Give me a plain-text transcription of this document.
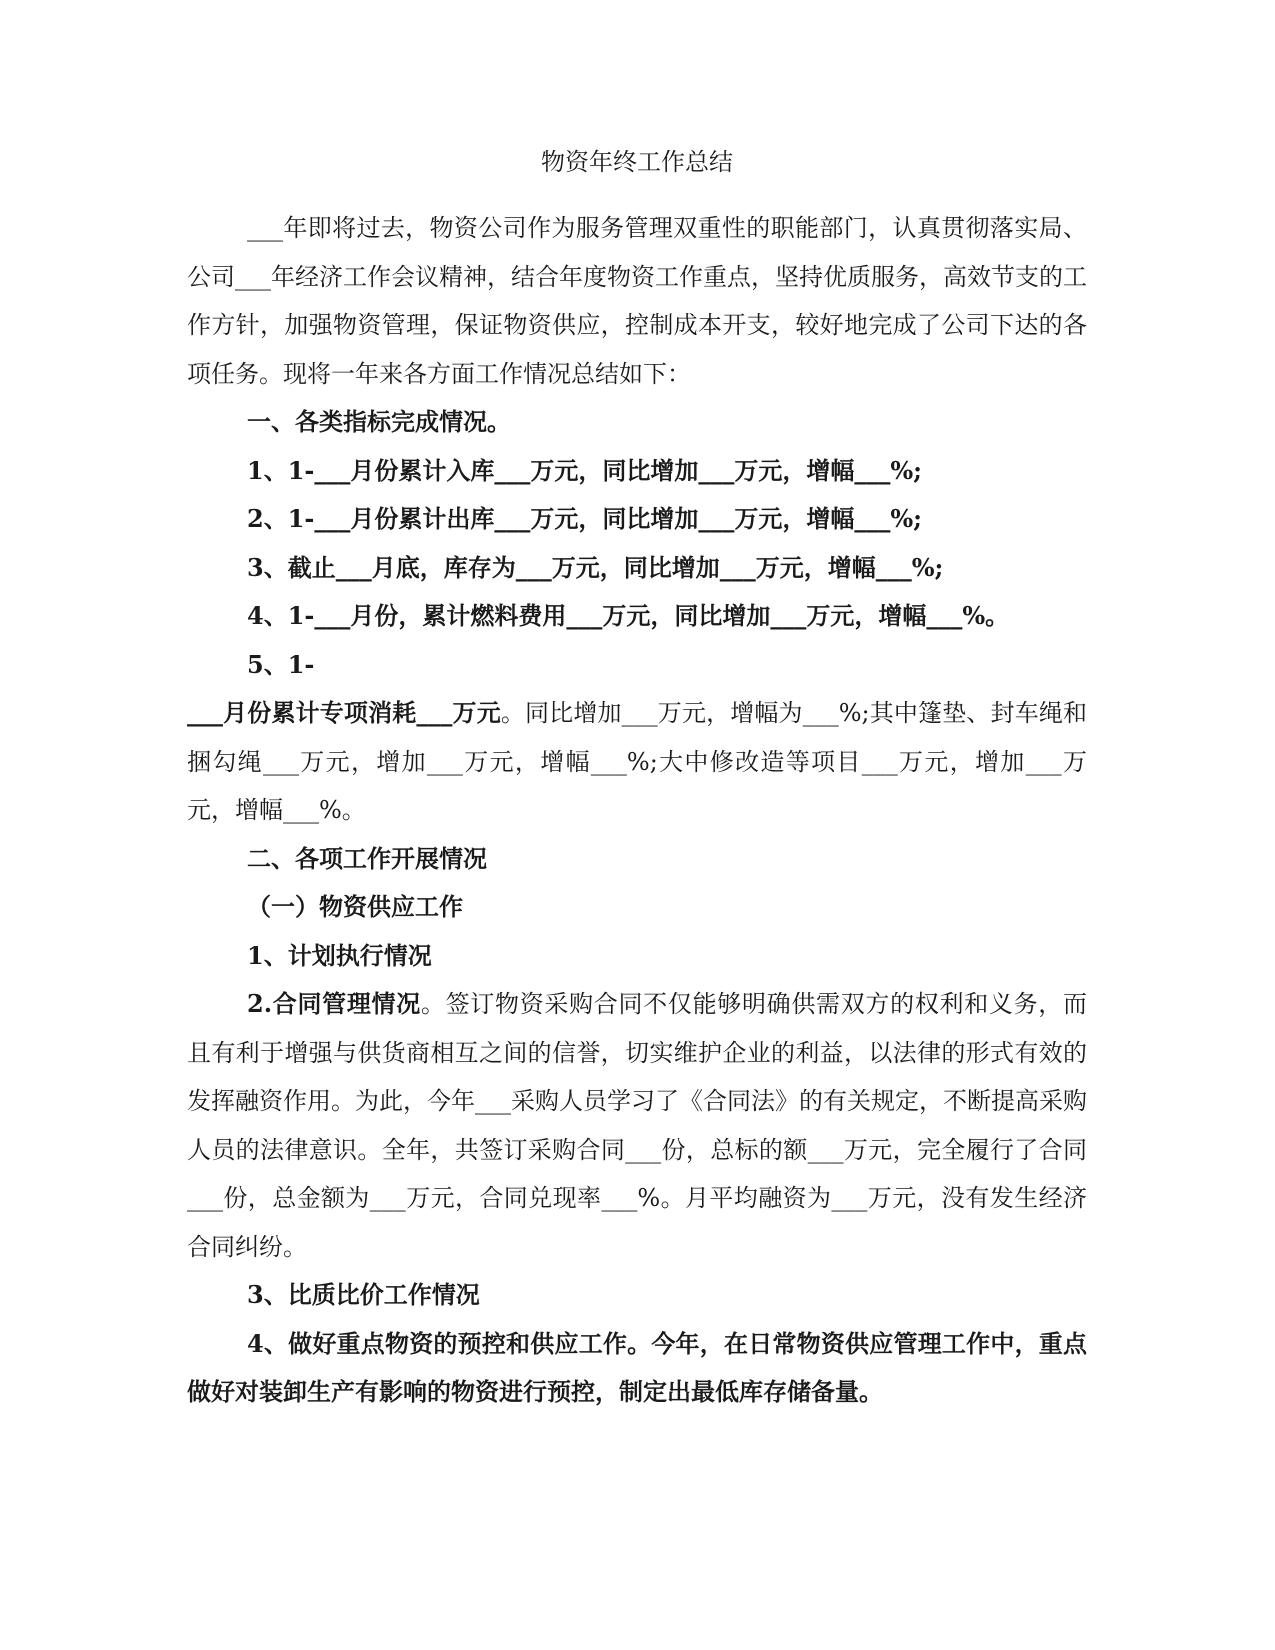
物资年终工作总结

___年即将过去，物资公司作为服务管理双重性的职能部门，认真贯彻落实局、公司___年经济工作会议精神，结合年度物资工作重点，坚持优质服务，高效节支的工作方针，加强物资管理，保证物资供应，控制成本开支，较好地完成了公司下达的各项任务。现将一年来各方面工作情况总结如下：

一、各类指标完成情况。

1、1-___月份累计入库___万元，同比增加___万元，增幅___%;

2、1-___月份累计出库___万元，同比增加___万元，增幅___%;

3、截止___月底，库存为___万元，同比增加___万元，增幅___%;

4、1-___月份，累计燃料费用___万元，同比增加___万元，增幅___%。

5、1-

___月份累计专项消耗___万元。同比增加___万元，增幅为___%;其中篷垫、封车绳和捆勾绳___万元，增加___万元，增幅___%;大中修改造等项目___万元，增加___万元，增幅___%。

二、各项工作开展情况

（一）物资供应工作

1、计划执行情况

2.合同管理情况。签订物资采购合同不仅能够明确供需双方的权利和义务，而且有利于增强与供货商相互之间的信誉，切实维护企业的利益，以法律的形式有效的发挥融资作用。为此，今年___采购人员学习了《合同法》的有关规定，不断提高采购人员的法律意识。全年，共签订采购合同___份，总标的额___万元，完全履行了合同___份，总金额为___万元，合同兑现率___%。月平均融资为___万元，没有发生经济合同纠纷。

3、比质比价工作情况

4、做好重点物资的预控和供应工作。今年，在日常物资供应管理工作中，重点做好对装卸生产有影响的物资进行预控，制定出最低库存储备量。
